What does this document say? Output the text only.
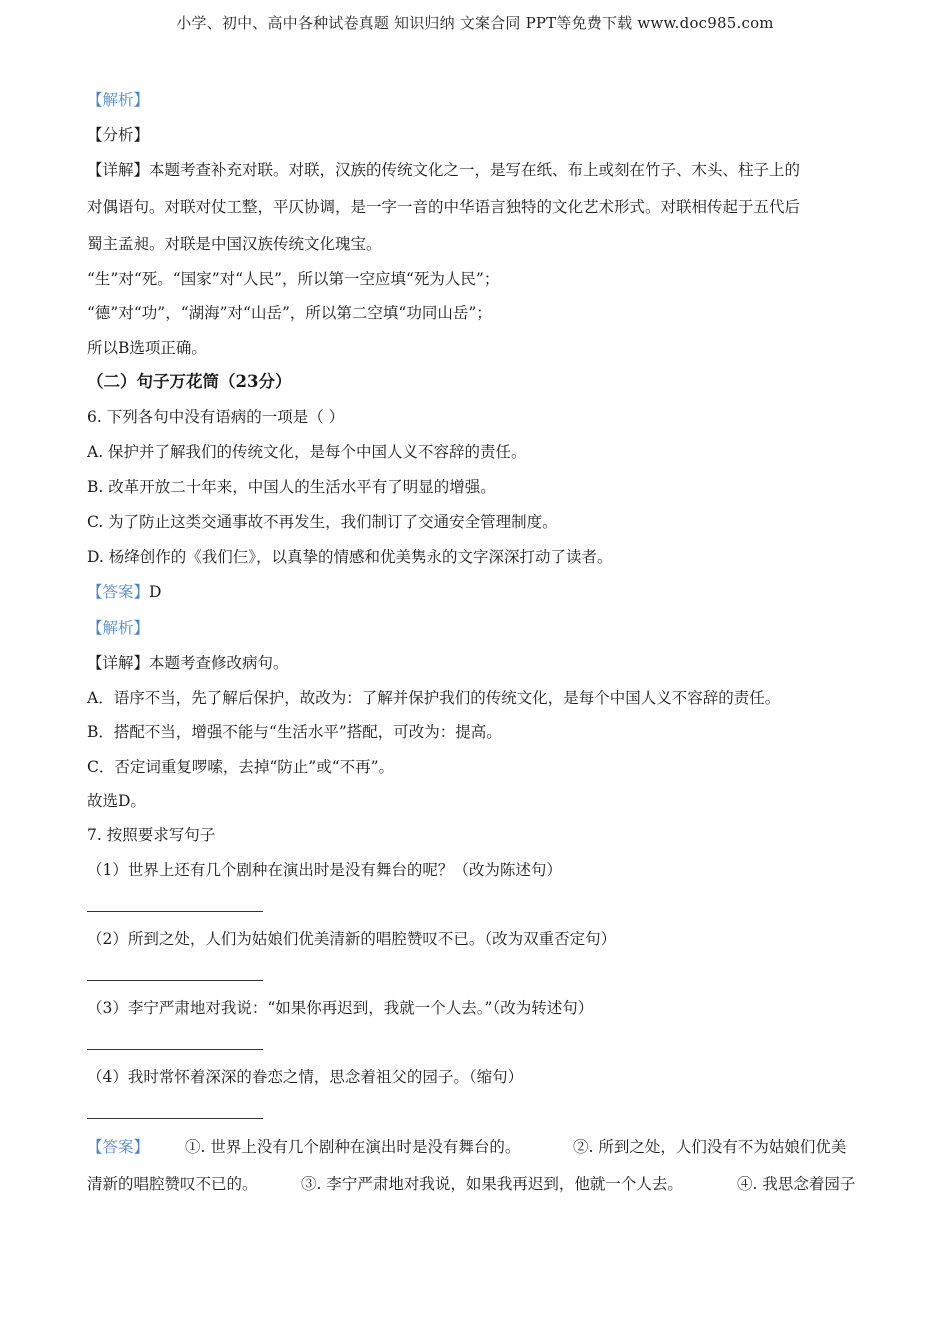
小学、初中、高中各种试卷真题 知识归纳 文案合同 PPT等免费下载 www.doc985.com
【解析】
【分析】
【详解】本题考查补充对联。对联，汉族的传统文化之一，是写在纸、布上或刻在竹子、木头、柱子上的
对偶语句。对联对仗工整，平仄协调，是一字一音的中华语言独特的文化艺术形式。对联相传起于五代后
蜀主孟昶。对联是中国汉族传统文化瑰宝。
“生”对“死。“国家”对“人民”，所以第一空应填“死为人民”；
“德”对“功”，“湖海”对“山岳”，所以第二空填“功同山岳”；
所以B选项正确。
（二）句子万花筒（23分）
6. 下列各句中没有语病的一项是（ ）
A. 保护并了解我们的传统文化，是每个中国人义不容辞的责任。
B. 改革开放二十年来，中国人的生活水平有了明显的增强。
C. 为了防止这类交通事故不再发生，我们制订了交通安全管理制度。
D. 杨绛创作的《我们仨》，以真挚的情感和优美隽永的文字深深打动了读者。
【答案】D
【解析】
【详解】本题考查修改病句。
A．语序不当，先了解后保护，故改为：了解并保护我们的传统文化，是每个中国人义不容辞的责任。
B．搭配不当，增强不能与“生活水平”搭配，可改为：提高。
C．否定词重复啰嗦，去掉“防止”或“不再”。
故选D。
7. 按照要求写句子
（1）世界上还有几个剧种在演出时是没有舞台的呢？（改为陈述句）
（2）所到之处，人们为姑娘们优美清新的唱腔赞叹不已。（改为双重否定句）
（3）李宁严肃地对我说：“如果你再迟到，我就一个人去。”（改为转述句）
（4）我时常怀着深深的眷恋之情，思念着祖父的园子。（缩句）
【答案】 ①. 世界上没有几个剧种在演出时是没有舞台的。	②. 所到之处，人们没有不为姑娘们优美
清新的唱腔赞叹不已的。	③. 李宁严肃地对我说，如果我再迟到，他就一个人去。	④. 我思念着园子
